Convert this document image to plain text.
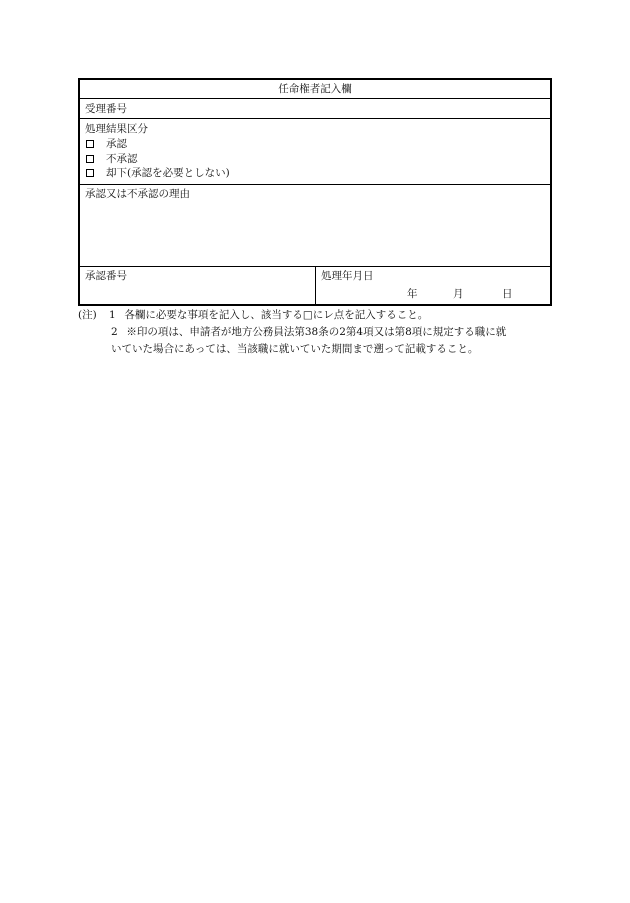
任命権者記入欄
受理番号
処理結果区分
承認
不承認
却下(承認を必要としない)
承認又は不承認の理由
承認番号	処理年月日
年	月	日
(注) 1 各欄に必要な事項を記入し、該当する□にレ点を記入すること。
2 ※印の項は、申請者が地方公務員法第38条の2第4項又は第8項に規定する職に就
いていた場合にあっては、当該職に就いていた期間まで遡って記載すること。
